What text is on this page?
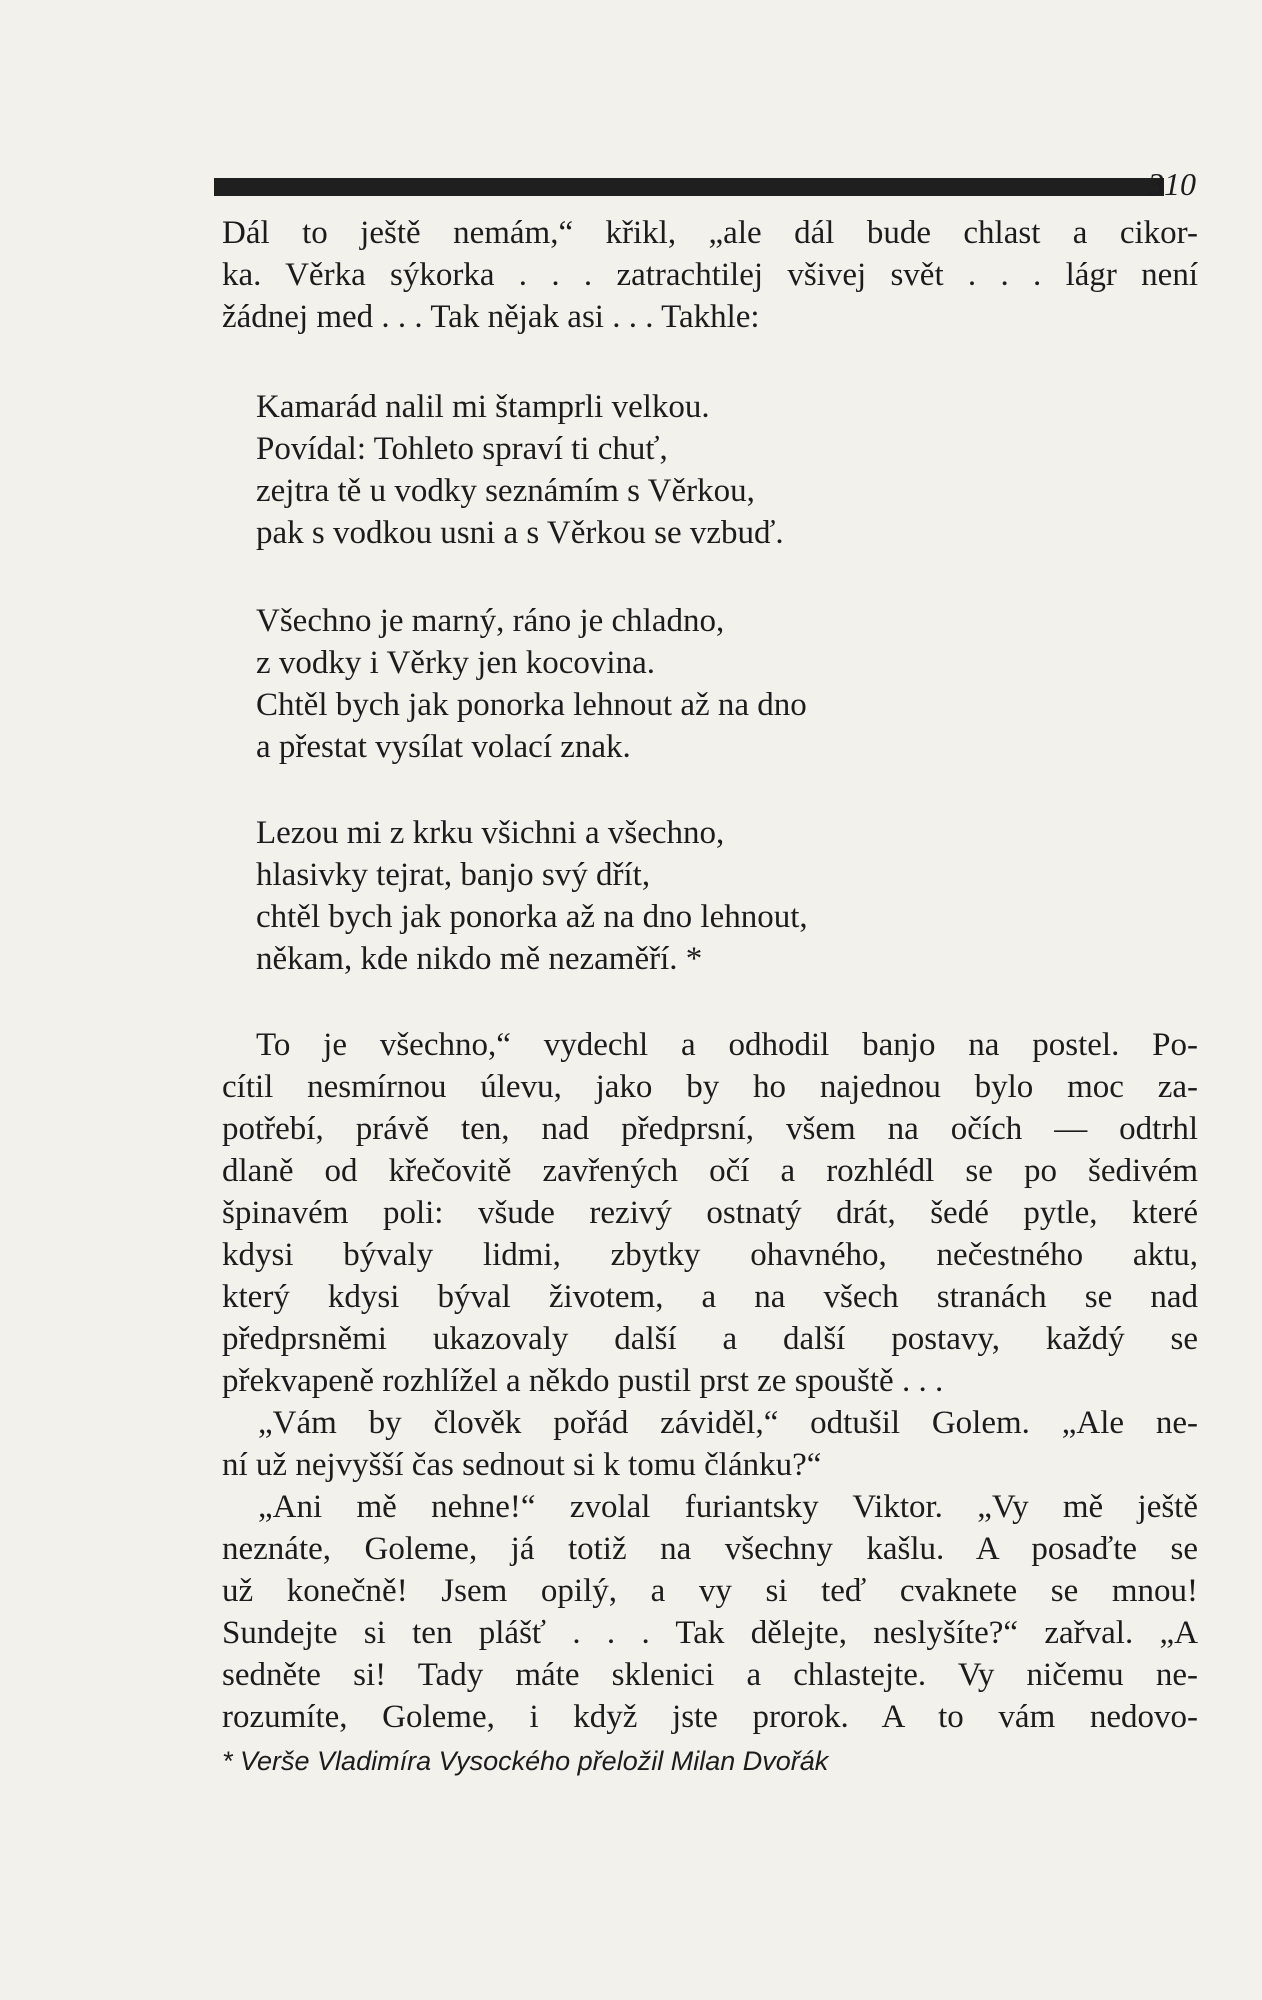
310
Dál to ještě nemám,“ křikl, „ale dál bude chlast a cikor-
ka. Věrka sýkorka . . . zatrachtilej všivej svět . . . lágr není
žádnej med . . . Tak nějak asi . . . Takhle:
Kamarád nalil mi štamprli velkou.
Povídal: Tohleto spraví ti chuť,
zejtra tě u vodky seznámím s Věrkou,
pak s vodkou usni a s Věrkou se vzbuď.
Všechno je marný, ráno je chladno,
z vodky i Věrky jen kocovina.
Chtěl bych jak ponorka lehnout až na dno
a přestat vysílat volací znak.
Lezou mi z krku všichni a všechno,
hlasivky tejrat, banjo svý dřít,
chtěl bych jak ponorka až na dno lehnout,
někam, kde nikdo mě nezaměří. *
To je všechno,“ vydechl a odhodil banjo na postel. Po-
cítil nesmírnou úlevu, jako by ho najednou bylo moc za-
potřebí, právě ten, nad předprsní, všem na očích — odtrhl
dlaně od křečovitě zavřených očí a rozhlédl se po šedivém
špinavém poli: všude rezivý ostnatý drát, šedé pytle, které
kdysi bývaly lidmi, zbytky ohavného, nečestného aktu,
který kdysi býval životem, a na všech stranách se nad
předprsněmi ukazovaly další a další postavy, každý se
překvapeně rozhlížel a někdo pustil prst ze spouště . . .
„Vám by člověk pořád záviděl,“ odtušil Golem. „Ale ne-
ní už nejvyšší čas sednout si k tomu článku?“
„Ani mě nehne!“ zvolal furiantsky Viktor. „Vy mě ještě
neznáte, Goleme, já totiž na všechny kašlu. A posaďte se
už konečně! Jsem opilý, a vy si teď cvaknete se mnou!
Sundejte si ten plášť . . . Tak dělejte, neslyšíte?“ zařval. „A
sedněte si! Tady máte sklenici a chlastejte. Vy ničemu ne-
rozumíte, Goleme, i když jste prorok. A to vám nedovo-
* Verše Vladimíra Vysockého přeložil Milan Dvořák
